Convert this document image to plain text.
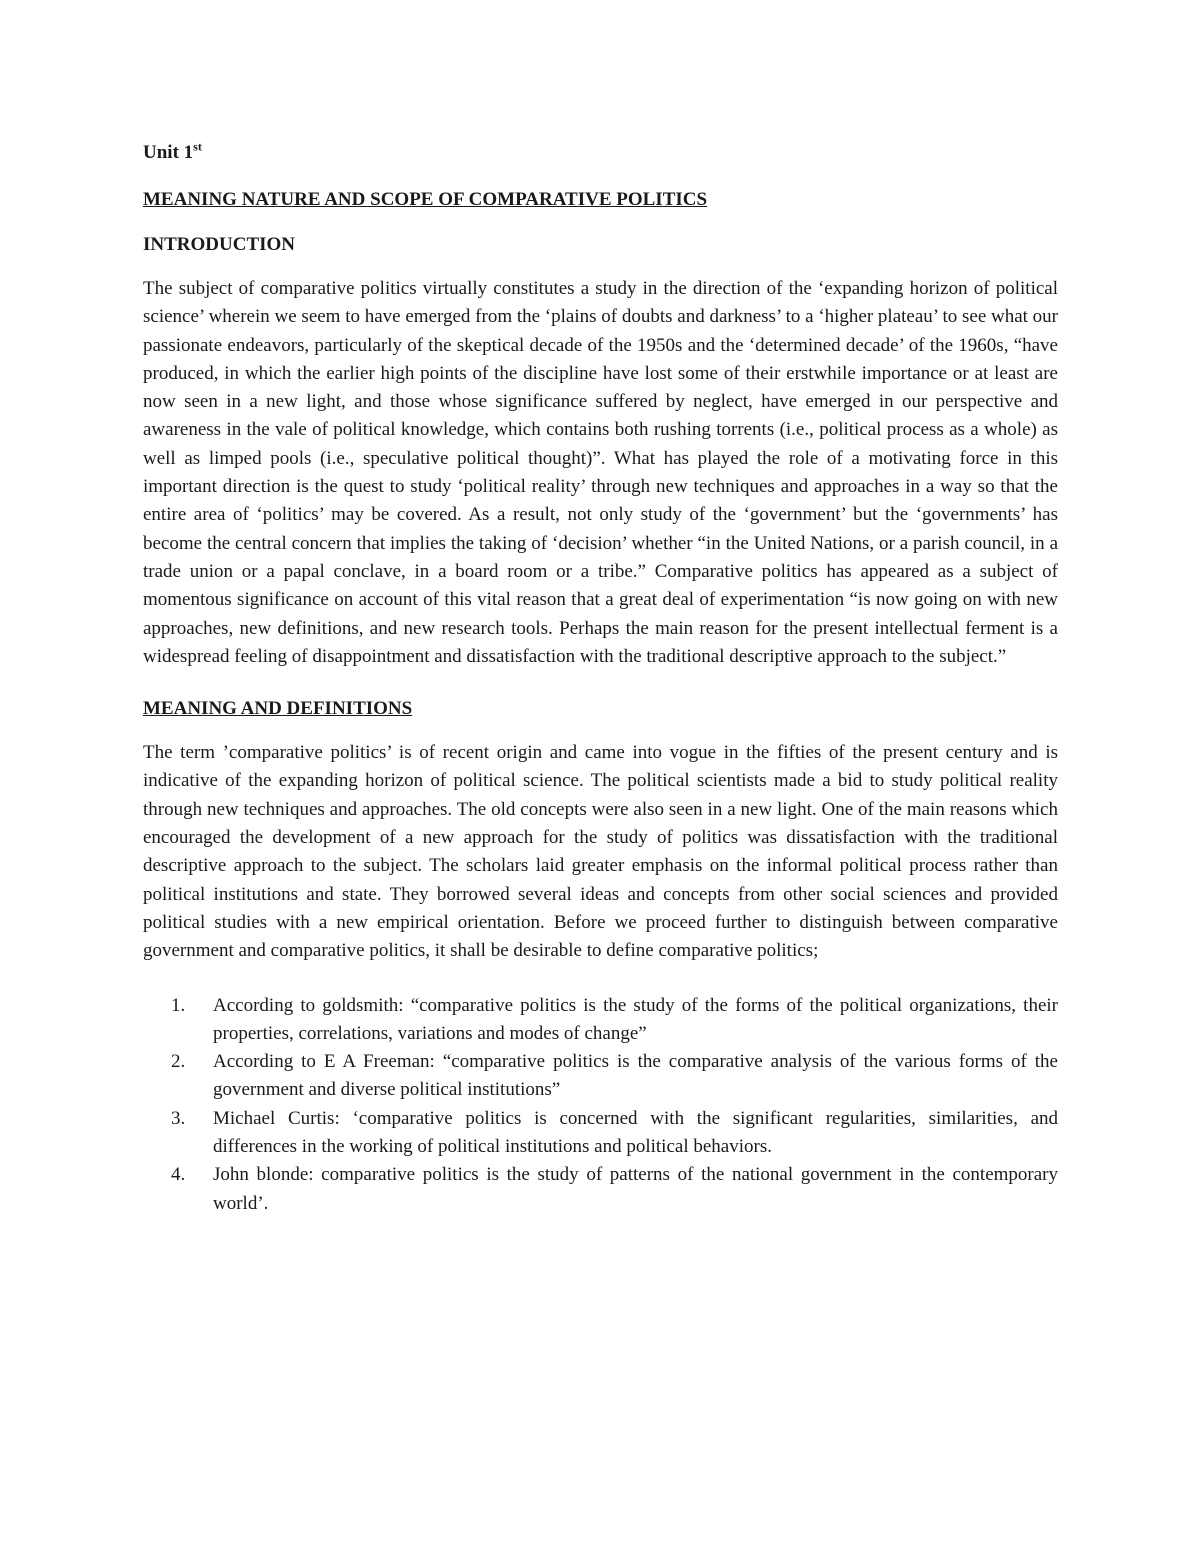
Unit 1st
MEANING NATURE AND SCOPE OF COMPARATIVE POLITICS
INTRODUCTION

The subject of comparative politics virtually constitutes a study in the direction of the ‘expanding horizon of political science’ wherein we seem to have emerged from the ‘plains of doubts and darkness’ to a ‘higher plateau’ to see what our passionate endeavors, particularly of the skeptical decade of the 1950s and the ‘determined decade’ of the 1960s, “have produced, in which the earlier high points of the discipline have lost some of their erstwhile importance or at least are now seen in a new light, and those whose significance suffered by neglect, have emerged in our perspective and awareness in the vale of political knowledge, which contains both rushing torrents (i.e., political process as a whole) as well as limped pools (i.e., speculative political thought)”. What has played the role of a motivating force in this important direction is the quest to study ‘political reality’ through new techniques and approaches in a way so that the entire area of ‘politics’ may be covered. As a result, not only study of the ‘government’ but the ‘governments’ has become the central concern that implies the taking of ‘decision’ whether “in the United Nations, or a parish council, in a trade union or a papal conclave, in a board room or a tribe.” Comparative politics has appeared as a subject of momentous significance on account of this vital reason that a great deal of experimentation “is now going on with new approaches, new definitions, and new research tools. Perhaps the main reason for the present intellectual ferment is a widespread feeling of disappointment and dissatisfaction with the traditional descriptive approach to the subject.”

MEANING AND DEFINITIONS

The term ’comparative politics’ is of recent origin and came into vogue in the fifties of the present century and is indicative of the expanding horizon of political science. The political scientists made a bid to study political reality through new techniques and approaches. The old concepts were also seen in a new light. One of the main reasons which encouraged the development of a new approach for the study of politics was dissatisfaction with the traditional descriptive approach to the subject. The scholars laid greater emphasis on the informal political process rather than political institutions and state. They borrowed several ideas and concepts from other social sciences and provided political studies with a new empirical orientation. Before we proceed further to distinguish between comparative government and comparative politics, it shall be desirable to define comparative politics;

1. According to goldsmith: “comparative politics is the study of the forms of the political organizations, their properties, correlations, variations and modes of change”
2. According to E A Freeman: “comparative politics is the comparative analysis of the various forms of the government and diverse political institutions”
3. Michael Curtis: ‘comparative politics is concerned with the significant regularities, similarities, and differences in the working of political institutions and political behaviors.
4. John blonde: comparative politics is the study of patterns of the national government in the contemporary world’.
